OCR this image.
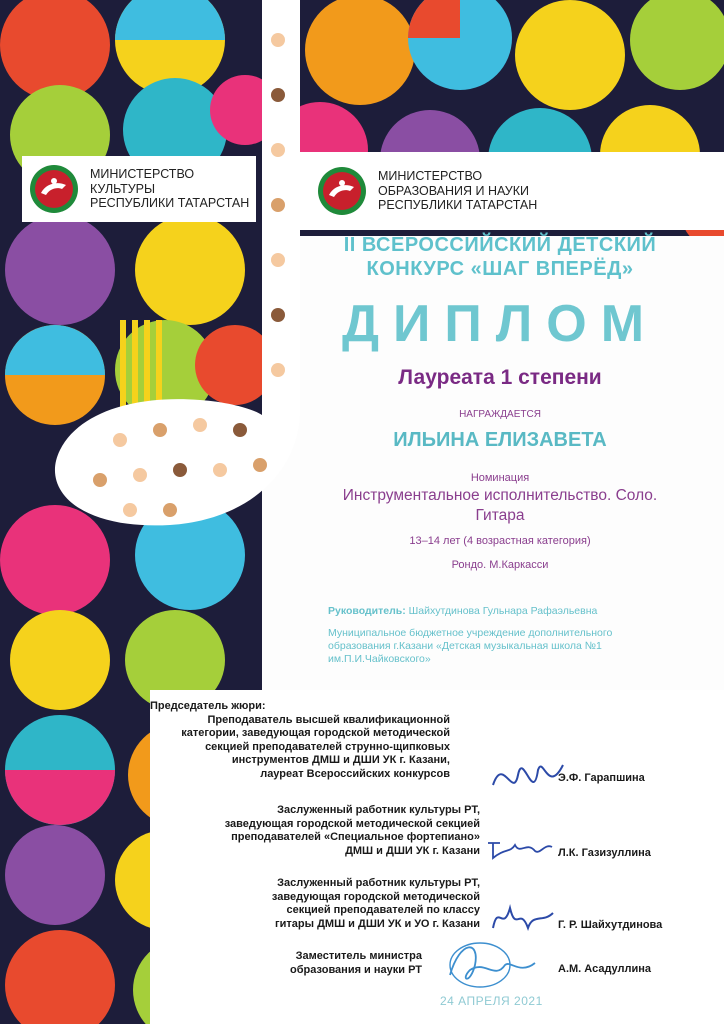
МИНИСТЕРСТВО
КУЛЬТУРЫ
РЕСПУБЛИКИ ТАТАРСТАН
МИНИСТЕРСТВО
ОБРАЗОВАНИЯ И НАУКИ
РЕСПУБЛИКИ ТАТАРСТАН
II ВСЕРОССИЙСКИЙ ДЕТСКИЙ
КОНКУРС «ШАГ ВПЕРЁД»
ДИПЛОМ
Лауреата 1 степени
НАГРАЖДАЕТСЯ
ИЛЬИНА ЕЛИЗАВЕТА
Номинация
Инструментальное исполнительство. Соло.
Гитара
13–14 лет (4 возрастная категория)
Рондо. М.Каркасси
Руководитель: Шайхутдинова Гульнара Рафаэльевна
Муниципальное бюджетное учреждение дополнительного
образования г.Казани «Детская музыкальная школа №1
им.П.И.Чайковского»
Председатель жюри:
Преподаватель высшей квалификационной
категории, заведующая городской методической
секцией преподавателей струнно-щипковых
инструментов ДМШ и ДШИ УК г. Казани,
лауреат Всероссийских конкурсов	Э.Ф. Гарапшина
Заслуженный работник культуры РТ,
заведующая городской методической секцией
преподавателей «Специальное фортепиано»
ДМШ и ДШИ УК г. Казани	Л.К. Газизуллина
Заслуженный работник культуры РТ,
заведующая городской методической
секцией преподавателей по классу
гитары ДМШ и ДШИ УК и УО г. Казани	Г. Р. Шайхутдинова
Заместитель министра
образования и науки РТ	А.М. Асадуллина
24 АПРЕЛЯ 2021
